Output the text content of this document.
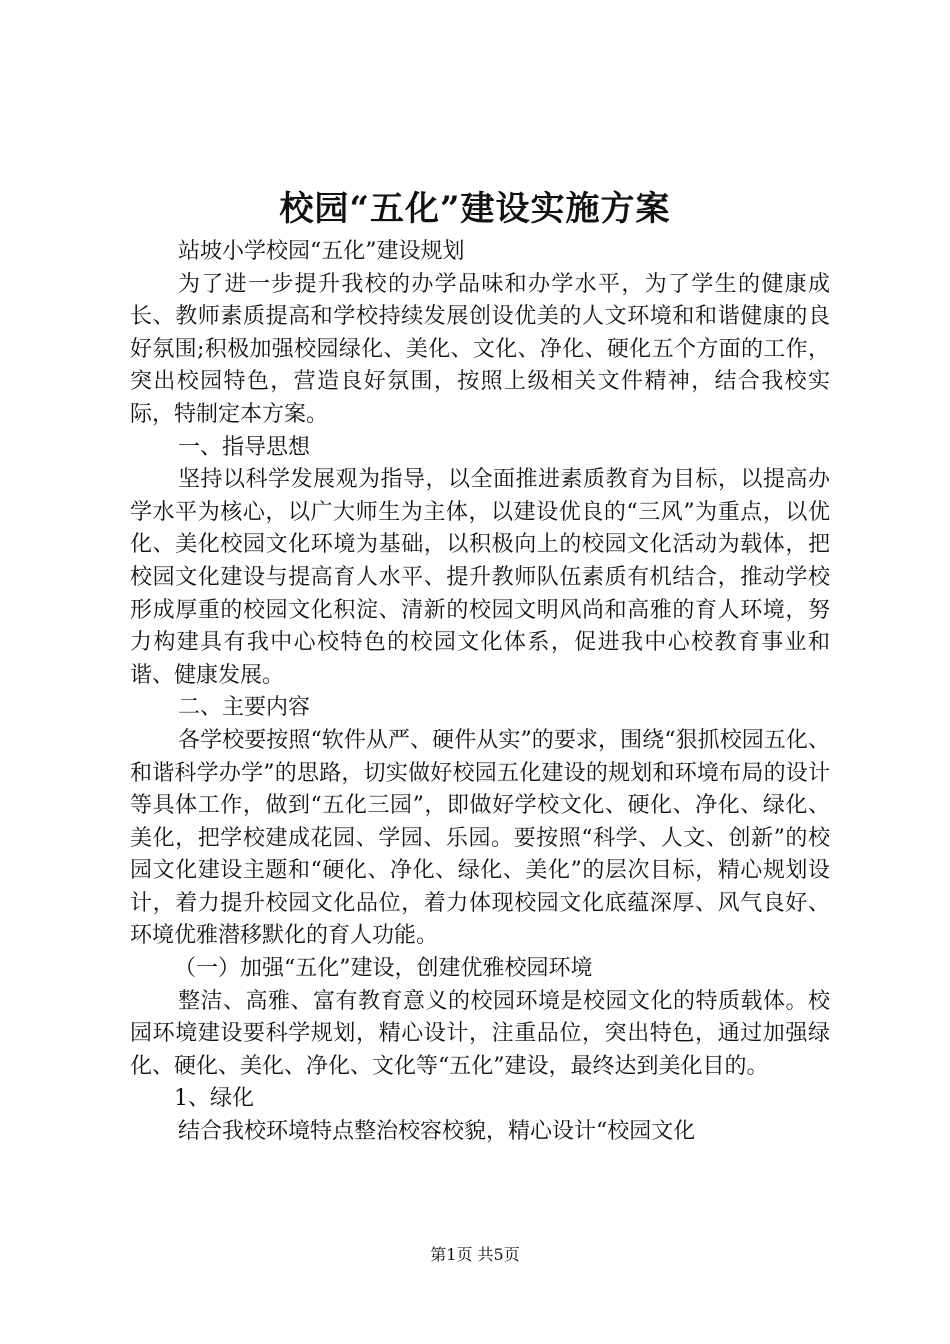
校园“五化”建设实施方案

站坡小学校园“五化”建设规划

为了进一步提升我校的办学品味和办学水平，为了学生的健康成长、教师素质提高和学校持续发展创设优美的人文环境和和谐健康的良好氛围;积极加强校园绿化、美化、文化、净化、硬化五个方面的工作，突出校园特色，营造良好氛围，按照上级相关文件精神，结合我校实际，特制定本方案。

一、指导思想

坚持以科学发展观为指导，以全面推进素质教育为目标，以提高办学水平为核心，以广大师生为主体，以建设优良的“三风”为重点，以优化、美化校园文化环境为基础，以积极向上的校园文化活动为载体，把校园文化建设与提高育人水平、提升教师队伍素质有机结合，推动学校形成厚重的校园文化积淀、清新的校园文明风尚和高雅的育人环境，努力构建具有我中心校特色的校园文化体系，促进我中心校教育事业和谐、健康发展。

二、主要内容

各学校要按照“软件从严、硬件从实”的要求，围绕“狠抓校园五化、和谐科学办学”的思路，切实做好校园五化建设的规划和环境布局的设计等具体工作，做到“五化三园”，即做好学校文化、硬化、净化、绿化、美化，把学校建成花园、学园、乐园。要按照“科学、人文、创新”的校园文化建设主题和“硬化、净化、绿化、美化”的层次目标，精心规划设计，着力提升校园文化品位，着力体现校园文化底蕴深厚、风气良好、环境优雅潜移默化的育人功能。

（一）加强“五化”建设，创建优雅校园环境

整洁、高雅、富有教育意义的校园环境是校园文化的特质载体。校园环境建设要科学规划，精心设计，注重品位，突出特色，通过加强绿化、硬化、美化、净化、文化等“五化”建设，最终达到美化目的。

1、绿化

结合我校环境特点整治校容校貌，精心设计“校园文化

第1页 共5页
